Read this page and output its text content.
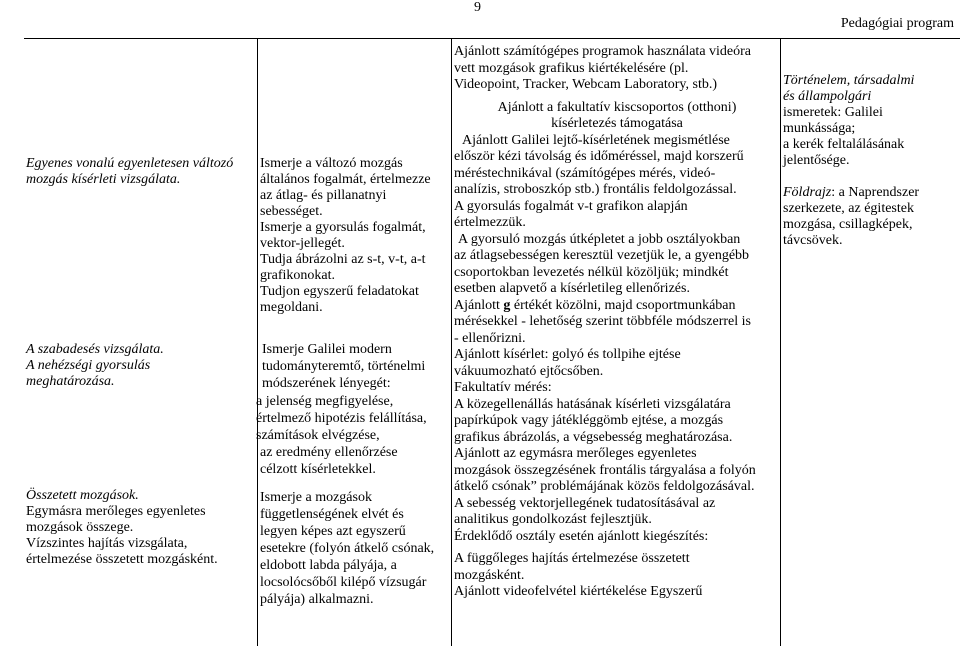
9
Pedagógiai program

Egyenes vonalú egyenletesen változó

mozgás kísérleti vizsgálata.

A szabadesés vizsgálata.

A nehézségi gyorsulás

meghatározása.

Összetett mozgások.

Egymásra merőleges egyenletes

mozgások összege.

Vízszintes hajítás vizsgálata,

értelmezése összetett mozgásként.

Ismerje a változó mozgás

általános fogalmát, értelmezze

az átlag- és pillanatnyi

sebességet.

Ismerje a gyorsulás fogalmát,

vektor-jellegét.

Tudja ábrázolni az s-t, v-t, a-t

grafikonokat.

Tudjon egyszerű feladatokat

megoldani.

Ismerje Galilei modern

tudományteremtő, történelmi

módszerének lényegét:

a jelenség megfigyelése,

értelmező hipotézis felállítása,

számítások elvégzése,

az eredmény ellenőrzése

célzott kísérletekkel.

Ismerje a mozgások

függetlenségének elvét és

legyen képes azt egyszerű

esetekre (folyón átkelő csónak,

eldobott labda pályája, a

locsolócsőből kilépő vízsugár

pályája) alkalmazni.

Ajánlott számítógépes programok használata videóra

vett mozgások grafikus kiértékelésére (pl.

Videopoint, Tracker, Webcam Laboratory, stb.)

Ajánlott a fakultatív kiscsoportos (otthoni)

kísérletezés támogatása

Ajánlott Galilei lejtő-kísérletének megismétlése

először kézi távolság és időméréssel, majd korszerű

méréstechnikával (számítógépes mérés, videó-

analízis, stroboszkóp stb.) frontális feldolgozással.

A gyorsulás fogalmát v-t grafikon alapján

értelmezzük.

A gyorsuló mozgás útképletet a jobb osztályokban

az átlagsebességen keresztül vezetjük le, a gyengébb

csoportokban levezetés nélkül közöljük; mindkét

esetben alapvető a kísérletileg ellenőrizés.

Ajánlott g értékét közölni, majd csoportmunkában

mérésekkel - lehetőség szerint többféle módszerrel is

- ellenőrizni.

Ajánlott kísérlet: golyó és tollpihe ejtése

vákuumozható ejtőcsőben.

Fakultatív mérés:

A közegellenállás hatásának kísérleti vizsgálatára

papírkúpok vagy játékléggömb ejtése, a mozgás

grafikus ábrázolás, a végsebesség meghatározása.

Ajánlott az egymásra merőleges egyenletes

mozgások összegzésének frontális tárgyalása a folyón

átkelő csónak” problémájának közös feldolgozásával.

A sebesség vektorjellegének tudatosításával az

analitikus gondolkozást fejlesztjük.

Érdeklődő osztály esetén ajánlott kiegészítés:

A függőleges hajítás értelmezése összetett

mozgásként.

Ajánlott videofelvétel kiértékelése Egyszerű

Történelem, társadalmi

és állampolgári

ismeretek: Galilei

munkássága;

a kerék feltalálásának

jelentősége.

Földrajz: a Naprendszer

szerkezete, az égitestek

mozgása, csillagképek,

távcsövek.
